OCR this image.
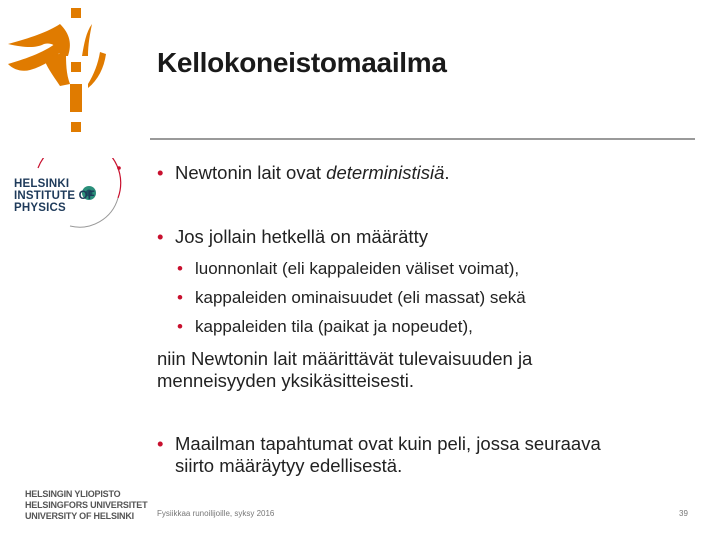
Kellokoneistomaailma
HELSINKI
INSTITUTE OF
PHYSICS
• Newtonin lait ovat deterministisiä.
• Jos jollain hetkellä on määrätty
• luonnonlait (eli kappaleiden väliset voimat),
• kappaleiden ominaisuudet (eli massat) sekä
• kappaleiden tila (paikat ja nopeudet),
niin Newtonin lait määrittävät tulevaisuuden ja
menneisyyden yksikäsitteisesti.
• Maailman tapahtumat ovat kuin peli, jossa seuraava
siirto määräytyy edellisestä.
HELSINGIN YLIOPISTO
HELSINGFORS UNIVERSITET
UNIVERSITY OF HELSINKI	Fysiikkaa runoilijoille, syksy 2016	39
